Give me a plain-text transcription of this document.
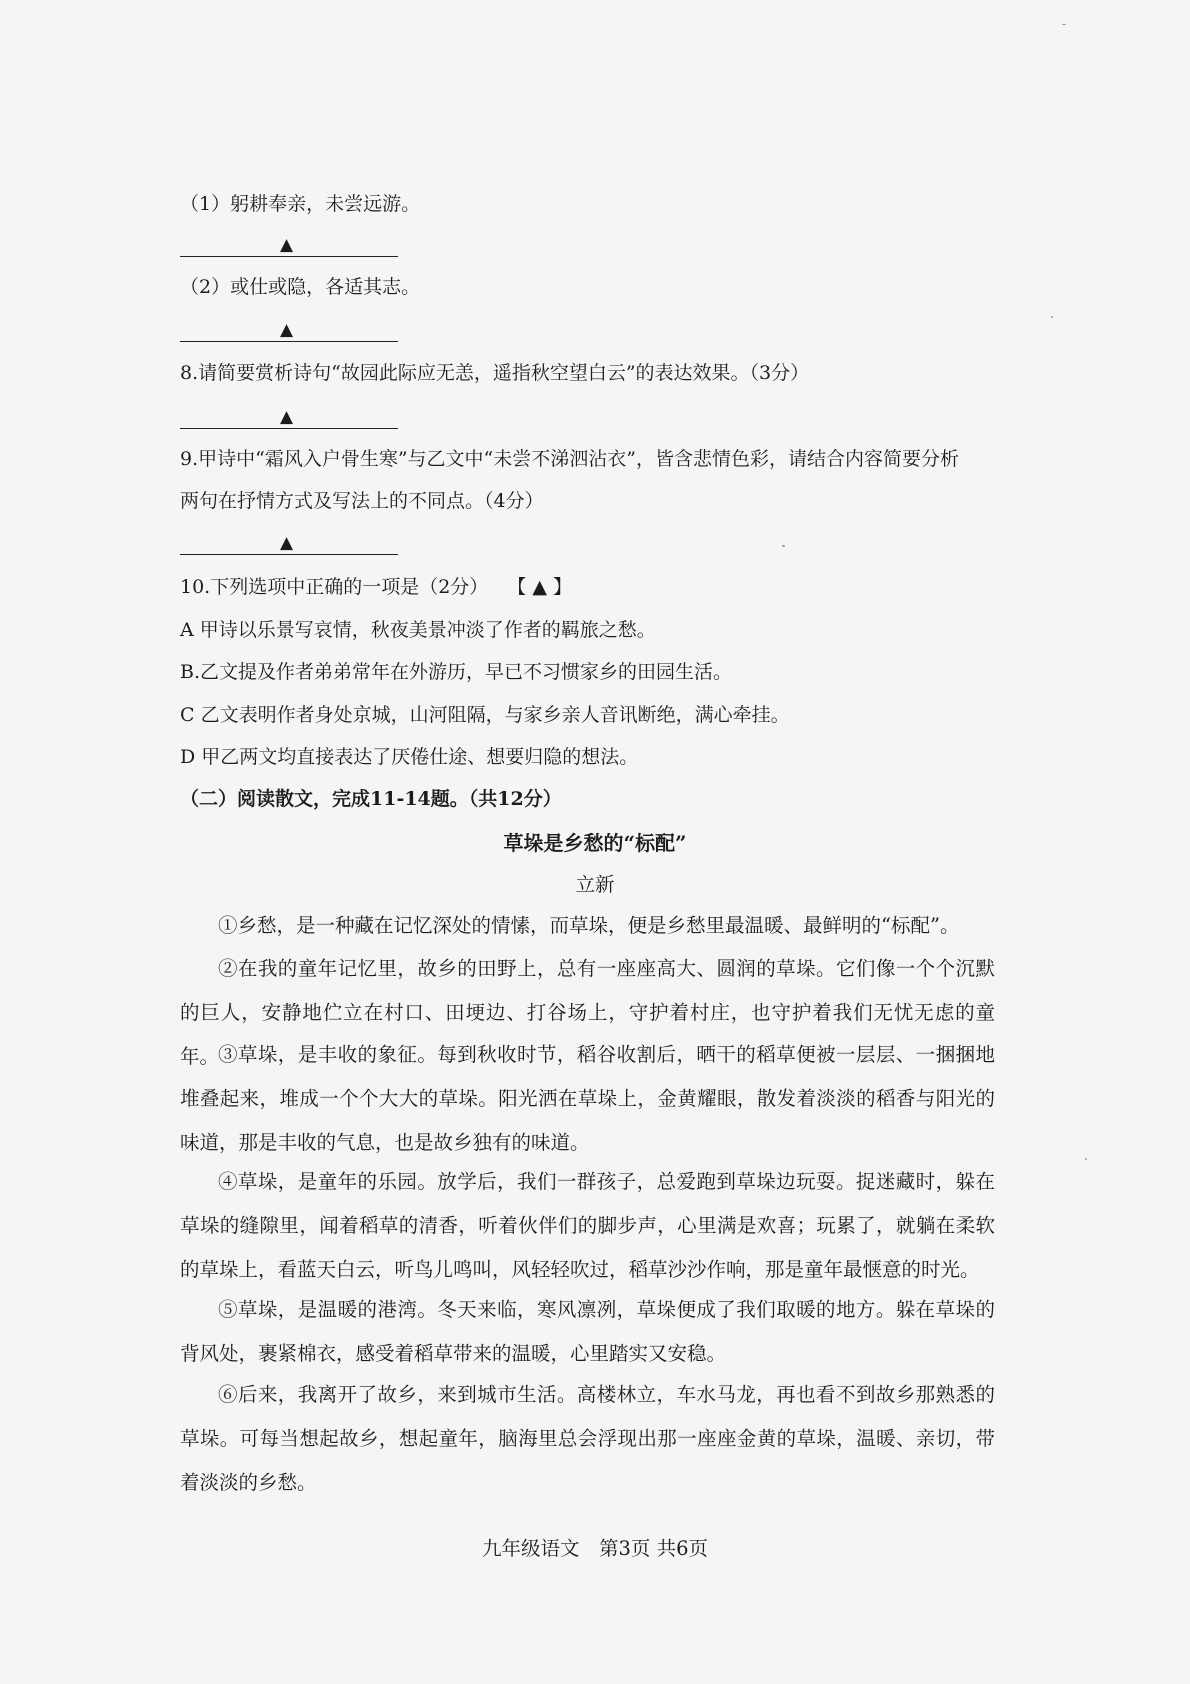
（1）躬耕奉亲，未尝远游。
▲
（2）或仕或隐，各适其志。
▲
8.请简要赏析诗句“故园此际应无恙，遥指秋空望白云”的表达效果。（3分）
▲
9.甲诗中“霜风入户骨生寒”与乙文中“未尝不涕泗沾衣”，皆含悲情色彩，请结合内容简要分析
两句在抒情方式及写法上的不同点。（4分）
▲
10.下列选项中正确的一项是（2分）　　【 ▲ 】
A 甲诗以乐景写哀情，秋夜美景冲淡了作者的羁旅之愁。
B.乙文提及作者弟弟常年在外游历，早已不习惯家乡的田园生活。
C 乙文表明作者身处京城，山河阻隔，与家乡亲人音讯断绝，满心牵挂。
D 甲乙两文均直接表达了厌倦仕途、想要归隐的想法。
（二）阅读散文，完成11-14题。（共12分）
草垛是乡愁的“标配”
立新
①乡愁，是一种藏在记忆深处的情愫，而草垛，便是乡愁里最温暖、最鲜明的“标配”。
②在我的童年记忆里，故乡的田野上，总有一座座高大、圆润的草垛。它们像一个个沉默的巨人，安静地伫立在村口、田埂边、打谷场上，守护着村庄，也守护着我们无忧无虑的童年。
③草垛，是丰收的象征。每到秋收时节，稻谷收割后，晒干的稻草便被一层层、一捆捆地堆叠起来，堆成一个个大大的草垛。阳光洒在草垛上，金黄耀眼，散发着淡淡的稻香与阳光的味道，那是丰收的气息，也是故乡独有的味道。
④草垛，是童年的乐园。放学后，我们一群孩子，总爱跑到草垛边玩耍。捉迷藏时，躲在草垛的缝隙里，闻着稻草的清香，听着伙伴们的脚步声，心里满是欢喜；玩累了，就躺在柔软的草垛上，看蓝天白云，听鸟儿鸣叫，风轻轻吹过，稻草沙沙作响，那是童年最惬意的时光。
⑤草垛，是温暖的港湾。冬天来临，寒风凛冽，草垛便成了我们取暖的地方。躲在草垛的背风处，裹紧棉衣，感受着稻草带来的温暖，心里踏实又安稳。
⑥后来，我离开了故乡，来到城市生活。高楼林立，车水马龙，再也看不到故乡那熟悉的草垛。可每当想起故乡，想起童年，脑海里总会浮现出那一座座金黄的草垛，温暖、亲切，带着淡淡的乡愁。
九年级语文　第3页 共6页
